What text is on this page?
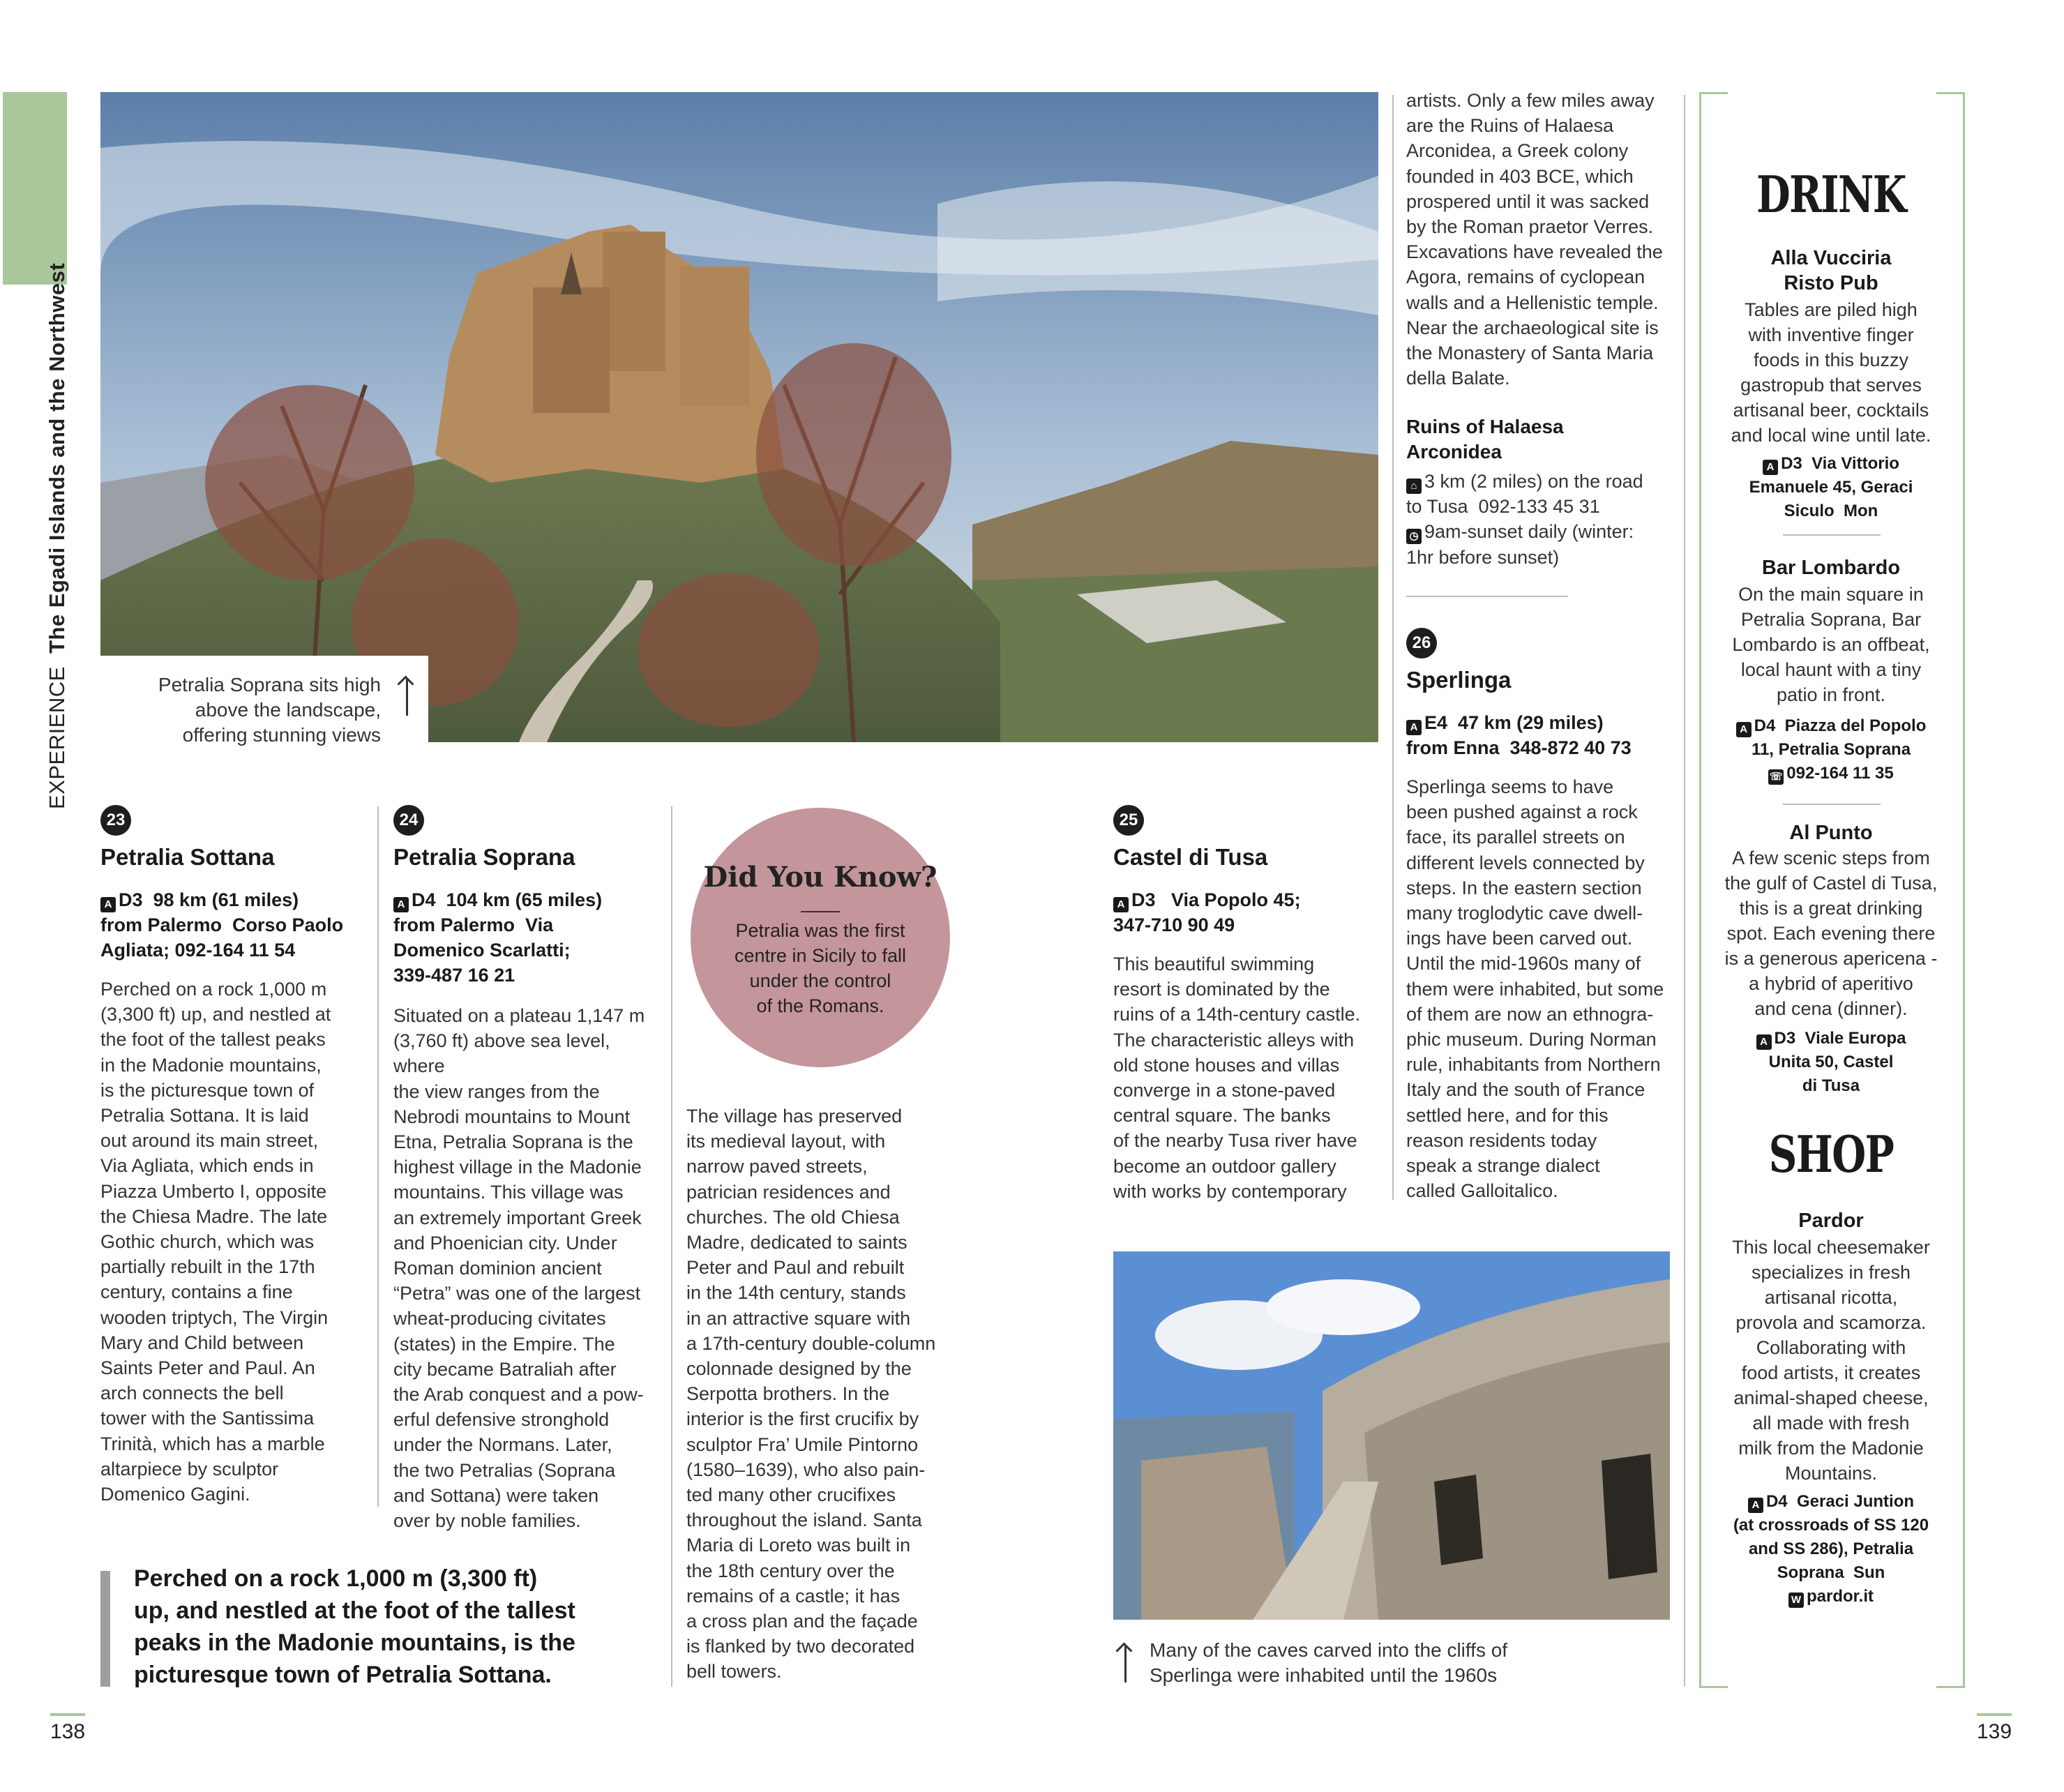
EXPERIENCE  The Egadi Islands and the Northwest
Petralia Soprana sits high
above the landscape,
offering stunning views
23
Petralia Sottana
A D3  98 km (61 miles)
from Palermo  Corso Paolo
Agliata; 092-164 11 54
Perched on a rock 1,000 m
(3,300 ft) up, and nestled at
the foot of the tallest peaks
in the Madonie mountains,
is the picturesque town of
Petralia Sottana. It is laid
out around its main street,
Via Agliata, which ends in
Piazza Umberto I, opposite
the Chiesa Madre. The late
Gothic church, which was
partially rebuilt in the 17th
century, contains a fine
wooden triptych, The Virgin
Mary and Child between
Saints Peter and Paul. An
arch connects the bell
tower with the Santissima
Trinità, which has a marble
altarpiece by sculptor
Domenico Gagini.
24
Petralia Soprana
A D4  104 km (65 miles)
from Palermo  Via
Domenico Scarlatti;
339-487 16 21
Situated on a plateau 1,147 m
(3,760 ft) above sea level, where
the view ranges from the
Nebrodi mountains to Mount
Etna, Petralia Soprana is the
highest village in the Madonie
mountains. This village was
an extremely important Greek
and Phoenician city. Under
Roman dominion ancient
“Petra” was one of the largest
wheat-producing civitates
(states) in the Empire. The
city became Batraliah after
the Arab conquest and a pow-
erful defensive stronghold
under the Normans. Later,
the two Petralias (Soprana
and Sottana) were taken
over by noble families.
Did You Know?
Petralia was the first
centre in Sicily to fall
under the control
of the Romans.
The village has preserved
its medieval layout, with
narrow paved streets,
patrician residences and
churches. The old Chiesa
Madre, dedicated to saints
Peter and Paul and rebuilt
in the 14th century, stands
in an attractive square with
a 17th-century double-column
colonnade designed by the
Serpotta brothers. In the
interior is the first crucifix by
sculptor Fra’ Umile Pintorno
(1580–1639), who also pain-
ted many other crucifixes
throughout the island. Santa
Maria di Loreto was built in
the 18th century over the
remains of a castle; it has
a cross plan and the façade
is flanked by two decorated
bell towers.
Perched on a rock 1,000 m (3,300 ft)
up, and nestled at the foot of the tallest
peaks in the Madonie mountains, is the
picturesque town of Petralia Sottana.
25
Castel di Tusa
A D3   Via Popolo 45;
347-710 90 49
This beautiful swimming
resort is dominated by the
ruins of a 14th-century castle.
The characteristic alleys with
old stone houses and villas
converge in a stone-paved
central square. The banks
of the nearby Tusa river have
become an outdoor gallery
with works by contemporary
Many of the caves carved into the cliffs of
Sperlinga were inhabited until the 1960s
artists. Only a few miles away
are the Ruins of Halaesa
Arconidea, a Greek colony
founded in 403 BCE, which
prospered until it was sacked
by the Roman praetor Verres.
Excavations have revealed the
Agora, remains of cyclopean
walls and a Hellenistic temple.
Near the archaeological site is
the Monastery of Santa Maria
della Balate.
Ruins of Halaesa
Arconidea
⌂ 3 km (2 miles) on the road
to Tusa  092-133 45 31
◷ 9am-sunset daily (winter:
1hr before sunset)
26
Sperlinga
A E4  47 km (29 miles)
from Enna  348-872 40 73
Sperlinga seems to have
been pushed against a rock
face, its parallel streets on
different levels connected by
steps. In the eastern section
many troglodytic cave dwell-
ings have been carved out.
Until the mid-1960s many of
them were inhabited, but some
of them are now an ethnogra-
phic museum. During Norman
rule, inhabitants from Northern
Italy and the south of France
settled here, and for this
reason residents today
speak a strange dialect
called Galloitalico.
DRINK
Alla Vucciria
Risto Pub
Tables are piled high
with inventive finger
foods in this buzzy
gastropub that serves
artisanal beer, cocktails
and local wine until late.
A D3  Via Vittorio
Emanuele 45, Geraci
Siculo  Mon
Bar Lombardo
On the main square in
Petralia Soprana, Bar
Lombardo is an offbeat,
local haunt with a tiny
patio in front.
A D4  Piazza del Popolo
11, Petralia Soprana
☏ 092-164 11 35
Al Punto
A few scenic steps from
the gulf of Castel di Tusa,
this is a great drinking
spot. Each evening there
is a generous apericena -
a hybrid of aperitivo
and cena (dinner).
A D3  Viale Europa
Unita 50, Castel
di Tusa
SHOP
Pardor
This local cheesemaker
specializes in fresh
artisanal ricotta,
provola and scamorza.
Collaborating with
food artists, it creates
animal-shaped cheese,
all made with fresh
milk from the Madonie
Mountains.
A D4  Geraci Juntion
(at crossroads of SS 120
and SS 286), Petralia
Soprana  Sun
W pardor.it
138	139
